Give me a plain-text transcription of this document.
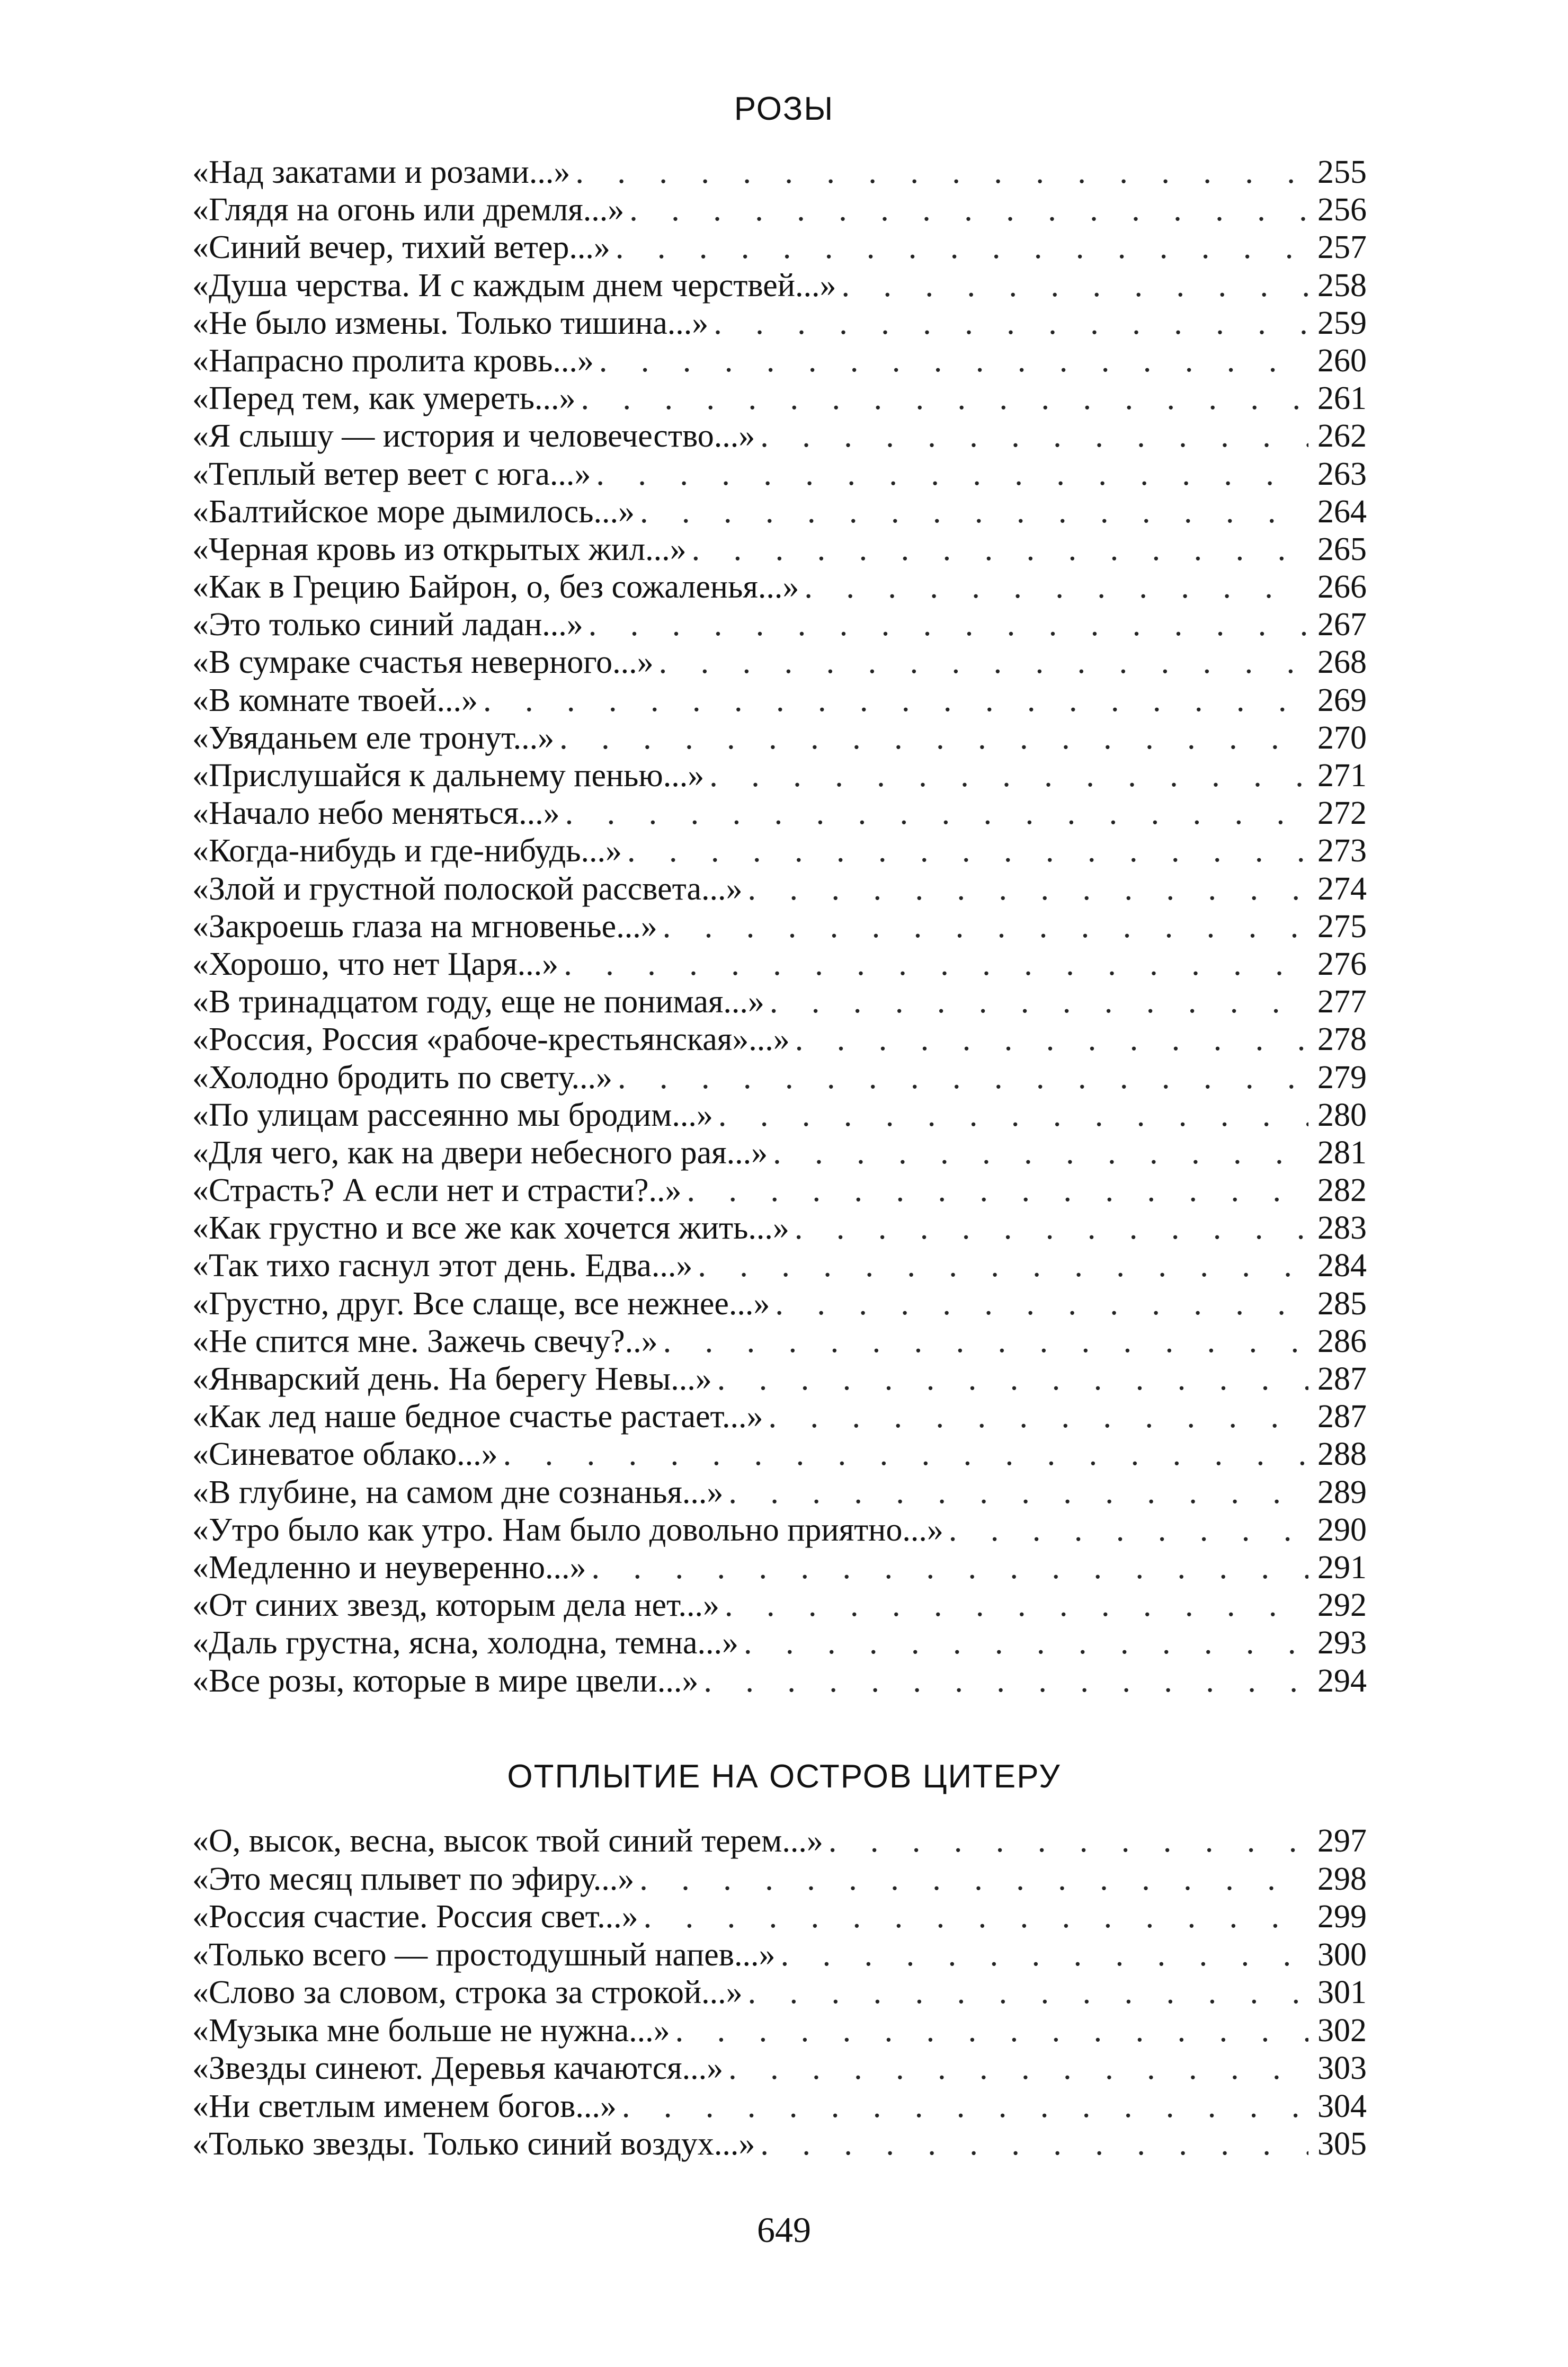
РОЗЫ
«Над закатами и розами...» . . .	255
«Глядя на огонь или дремля...» . . .	256
«Синий вечер, тихий ветер...» . . .	257
«Душа черства. И с каждым днем черствей...» . . .	258
«Не было измены. Только тишина...» . . .	259
«Напрасно пролита кровь...» . . .	260
«Перед тем, как умереть...» . . .	261
«Я слышу — история и человечество...» . . .	262
«Теплый ветер веет с юга...» . . .	263
«Балтийское море дымилось...» . . .	264
«Черная кровь из открытых жил...» . . .	265
«Как в Грецию Байрон, о, без сожаленья...» . . .	266
«Это только синий ладан...» . . .	267
«В сумраке счастья неверного...» . . .	268
«В комнате твоей...» . . .	269
«Увяданьем еле тронут...» . . .	270
«Прислушайся к дальнему пенью...» . . .	271
«Начало небо меняться...» . . .	272
«Когда-нибудь и где-нибудь...» . . .	273
«Злой и грустной полоской рассвета...» . . .	274
«Закроешь глаза на мгновенье...» . . .	275
«Хорошо, что нет Царя...» . . .	276
«В тринадцатом году, еще не понимая...» . . .	277
«Россия, Россия «рабоче-крестьянская»...» . . .	278
«Холодно бродить по свету...» . . .	279
«По улицам рассеянно мы бродим...» . . .	280
«Для чего, как на двери небесного рая...» . . .	281
«Страсть? А если нет и страсти?..» . . .	282
«Как грустно и все же как хочется жить...» . . .	283
«Так тихо гаснул этот день. Едва...» . . .	284
«Грустно, друг. Все слаще, все нежнее...» . . .	285
«Не спится мне. Зажечь свечу?..» . . .	286
«Январский день. На берегу Невы...» . . .	287
«Как лед наше бедное счастье растает...» . . .	287
«Синеватое облако...» . . .	288
«В глубине, на самом дне сознанья...» . . .	289
«Утро было как утро. Нам было довольно приятно...» . . .	290
«Медленно и неуверенно...» . . .	291
«От синих звезд, которым дела нет...» . . .	292
«Даль грустна, ясна, холодна, темна...» . . .	293
«Все розы, которые в мире цвели...» . . .	294
ОТПЛЫТИЕ НА ОСТРОВ ЦИТЕРУ
«О, высок, весна, высок твой синий терем...» . . .	297
«Это месяц плывет по эфиру...» . . .	298
«Россия счастие. Россия свет...» . . .	299
«Только всего — простодушный напев...» . . .	300
«Слово за словом, строка за строкой...» . . .	301
«Музыка мне больше не нужна...» . . .	302
«Звезды синеют. Деревья качаются...» . . .	303
«Ни светлым именем богов...» . . .	304
«Только звезды. Только синий воздух...» . . .	305
649
